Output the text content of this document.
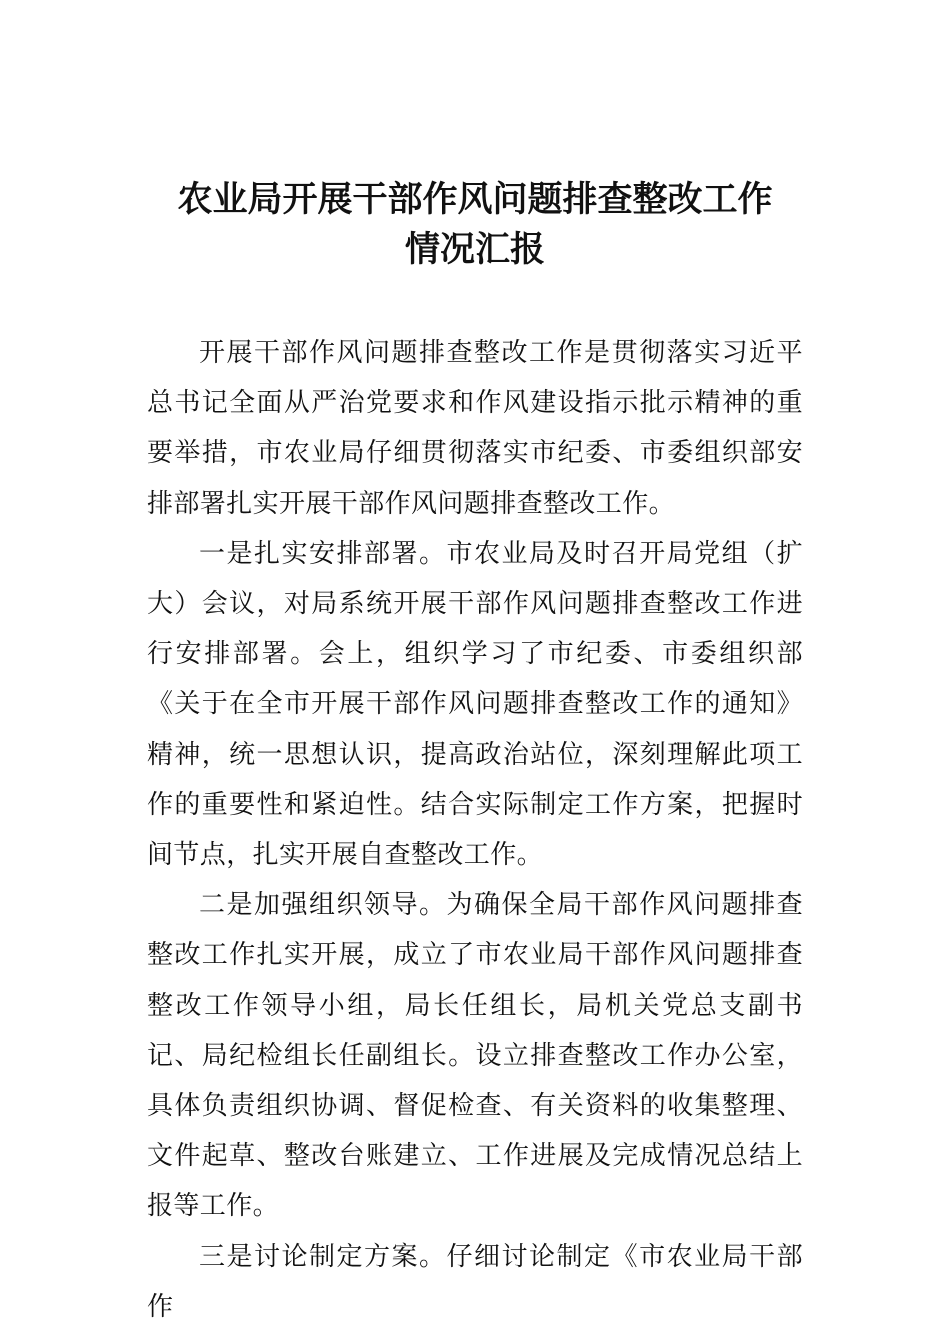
农业局开展干部作风问题排查整改工作
情况汇报

开展干部作风问题排查整改工作是贯彻落实习近平总书记全面从严治党要求和作风建设指示批示精神的重要举措，市农业局仔细贯彻落实市纪委、市委组织部安排部署扎实开展干部作风问题排查整改工作。

一是扎实安排部署。市农业局及时召开局党组（扩大）会议，对局系统开展干部作风问题排查整改工作进行安排部署。会上，组织学习了市纪委、市委组织部《关于在全市开展干部作风问题排查整改工作的通知》精神，统一思想认识，提高政治站位，深刻理解此项工作的重要性和紧迫性。结合实际制定工作方案，把握时间节点，扎实开展自查整改工作。

二是加强组织领导。为确保全局干部作风问题排查整改工作扎实开展，成立了市农业局干部作风问题排查整改工作领导小组，局长任组长，局机关党总支副书记、局纪检组长任副组长。设立排查整改工作办公室，具体负责组织协调、督促检查、有关资料的收集整理、文件起草、整改台账建立、工作进展及完成情况总结上报等工作。

三是讨论制定方案。仔细讨论制定《市农业局干部作
